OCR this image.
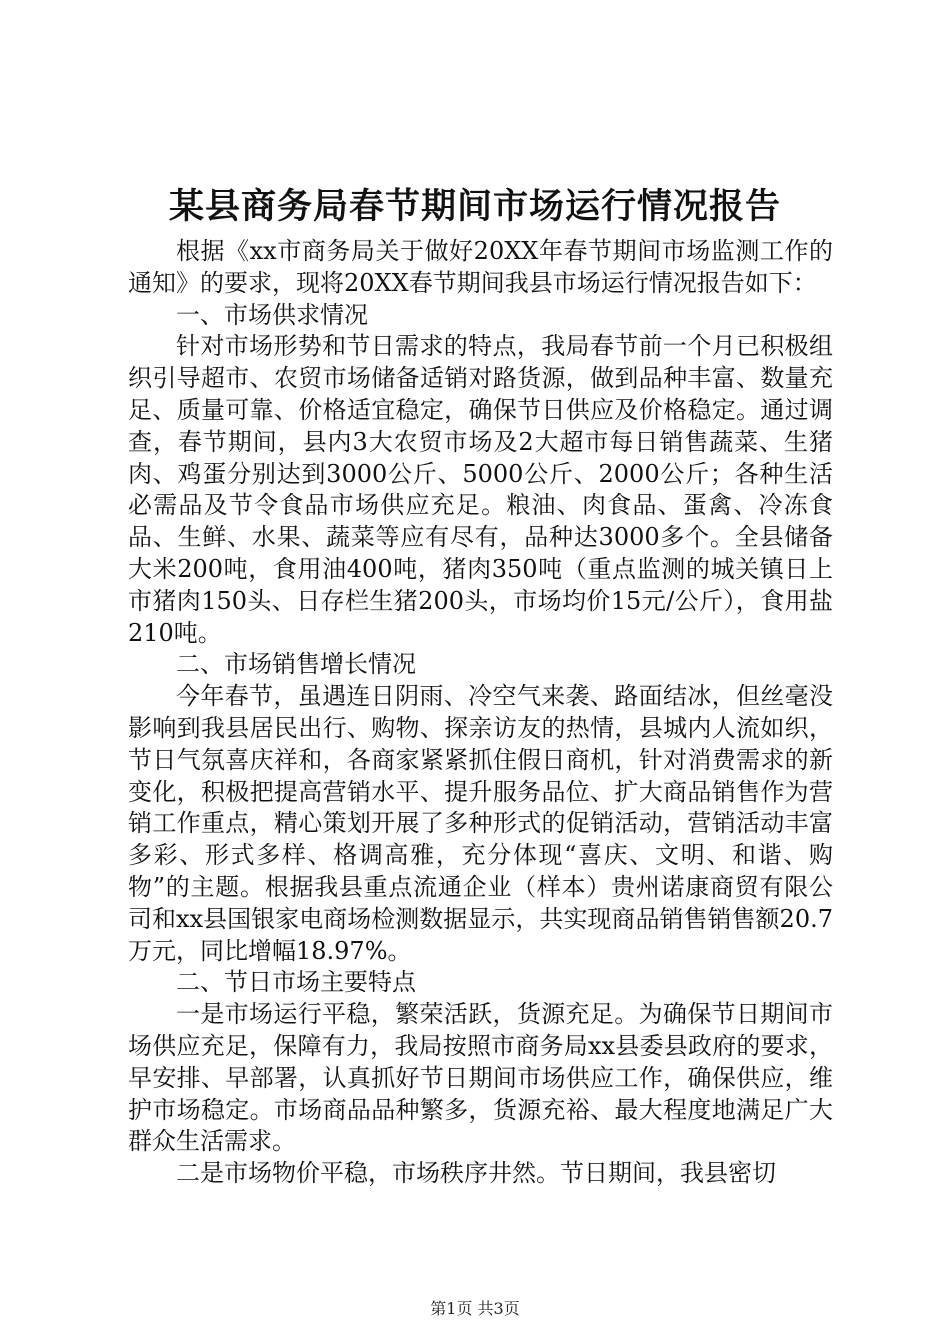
某县商务局春节期间市场运行情况报告

根据《xx市商务局关于做好20XX年春节期间市场监测工作的通知》的要求，现将20XX春节期间我县市场运行情况报告如下：

一、市场供求情况

针对市场形势和节日需求的特点，我局春节前一个月已积极组织引导超市、农贸市场储备适销对路货源，做到品种丰富、数量充足、质量可靠、价格适宜稳定，确保节日供应及价格稳定。通过调查，春节期间，县内3大农贸市场及2大超市每日销售蔬菜、生猪肉、鸡蛋分别达到3000公斤、5000公斤、2000公斤；各种生活必需品及节令食品市场供应充足。粮油、肉食品、蛋禽、冷冻食品、生鲜、水果、蔬菜等应有尽有，品种达3000多个。全县储备大米200吨，食用油400吨，猪肉350吨（重点监测的城关镇日上市猪肉150头、日存栏生猪200头，市场均价15元/公斤），食用盐210吨。

二、市场销售增长情况

今年春节，虽遇连日阴雨、冷空气来袭、路面结冰，但丝毫没影响到我县居民出行、购物、探亲访友的热情，县城内人流如织，节日气氛喜庆祥和，各商家紧紧抓住假日商机，针对消费需求的新变化，积极把提高营销水平、提升服务品位、扩大商品销售作为营销工作重点，精心策划开展了多种形式的促销活动，营销活动丰富多彩、形式多样、格调高雅，充分体现“喜庆、文明、和谐、购物”的主题。根据我县重点流通企业（样本）贵州诺康商贸有限公司和xx县国银家电商场检测数据显示，共实现商品销售销售额20.7万元，同比增幅18.97%。

二、节日市场主要特点

一是市场运行平稳，繁荣活跃，货源充足。为确保节日期间市场供应充足，保障有力，我局按照市商务局xx县委县政府的要求，早安排、早部署，认真抓好节日期间市场供应工作，确保供应，维护市场稳定。市场商品品种繁多，货源充裕、最大程度地满足广大群众生活需求。

二是市场物价平稳，市场秩序井然。节日期间，我县密切

第1页 共3页
